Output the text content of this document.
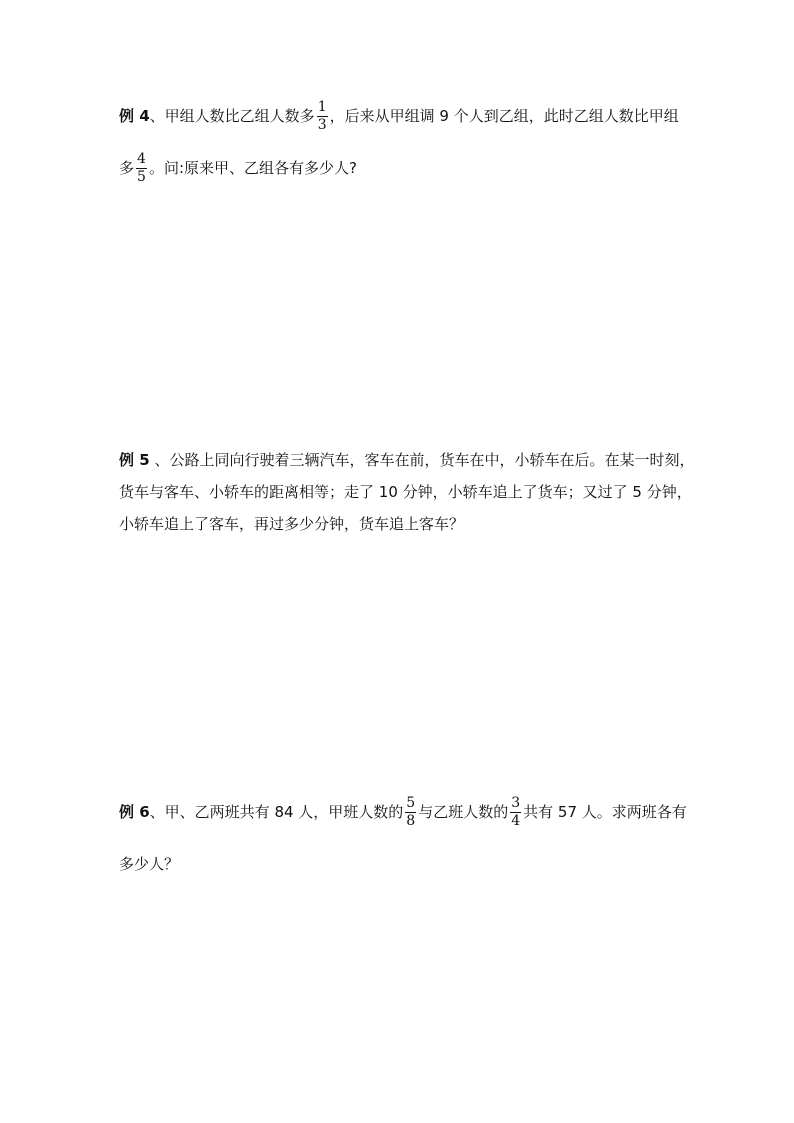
例 4、甲组人数比乙组人数多 $\frac{1}{3}$ ，后来从甲组调 9 个人到乙组，此时乙组人数比甲组
多 $\frac{4}{5}$ 。问:原来甲、乙组各有多少人?
例 5 、公路上同向行驶着三辆汽车，客车在前，货车在中，小轿车在后。在某一时刻，
货车与客车、小轿车的距离相等；走了 10 分钟，小轿车追上了货车；又过了 5 分钟，
小轿车追上了客车，再过多少分钟，货车追上客车？
例 6、甲、乙两班共有 84 人，甲班人数的 $\frac{5}{8}$ 与乙班人数的 $\frac{3}{4}$ 共有 57 人。求两班各有
多少人？
